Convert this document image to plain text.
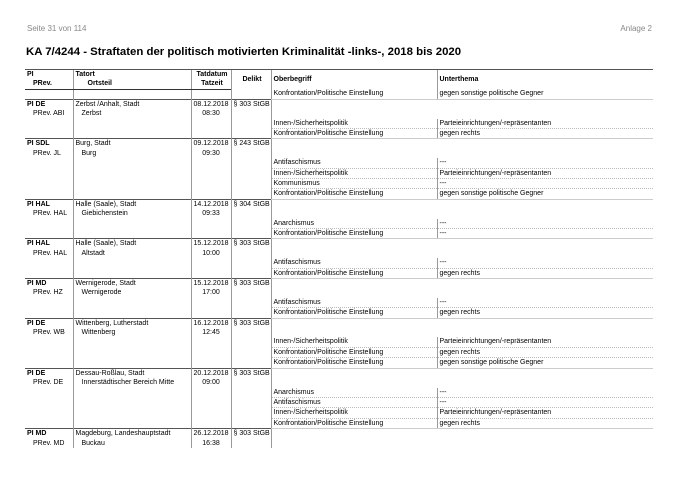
Seite 31 von 114	Anlage 2
KA 7/4244 - Straftaten der politisch motivierten Kriminalität -links-, 2018 bis 2020
PI	Tatort	Tatdatum	Delikt	Oberbegriff	Unterthema
PRev.	Ortsteil	Tatzeit			
				Konfrontation/Politische Einstellung	gegen sonstige politische Gegner
PI DE	Zerbst /Anhalt, Stadt	08.12.2018	§ 303 StGB		
PRev. ABI	Zerbst	08:30			
				Innen-/Sicherheitspolitik	Parteieinrichtungen/-repräsentanten
				Konfrontation/Politische Einstellung	gegen rechts
PI SDL	Burg, Stadt	09.12.2018	§ 243 StGB		
PRev. JL	Burg	09:30			
				Antifaschismus	---
				Innen-/Sicherheitspolitik	Parteieinrichtungen/-repräsentanten
				Kommunismus	---
				Konfrontation/Politische Einstellung	gegen sonstige politische Gegner
PI HAL	Halle (Saale), Stadt	14.12.2018	§ 304 StGB		
PRev. HAL	Giebichenstein	09:33			
				Anarchismus	---
				Konfrontation/Politische Einstellung	---
PI HAL	Halle (Saale), Stadt	15.12.2018	§ 303 StGB		
PRev. HAL	Altstadt	10:00			
				Antifaschismus	---
				Konfrontation/Politische Einstellung	gegen rechts
PI MD	Wernigerode, Stadt	15.12.2018	§ 303 StGB		
PRev. HZ	Wernigerode	17:00			
				Antifaschismus	---
				Konfrontation/Politische Einstellung	gegen rechts
PI DE	Wittenberg, Lutherstadt	16.12.2018	§ 303 StGB		
PRev. WB	Wittenberg	12:45			
				Innen-/Sicherheitspolitik	Parteieinrichtungen/-repräsentanten
				Konfrontation/Politische Einstellung	gegen rechts
				Konfrontation/Politische Einstellung	gegen sonstige politische Gegner
PI DE	Dessau-Roßlau, Stadt	20.12.2018	§ 303 StGB		
PRev. DE	Innerstädtischer Bereich Mitte	09:00			
				Anarchismus	---
				Antifaschismus	---
				Innen-/Sicherheitspolitik	Parteieinrichtungen/-repräsentanten
				Konfrontation/Politische Einstellung	gegen rechts
PI MD	Magdeburg, Landeshauptstadt	26.12.2018	§ 303 StGB		
PRev. MD	Buckau	16:38			
